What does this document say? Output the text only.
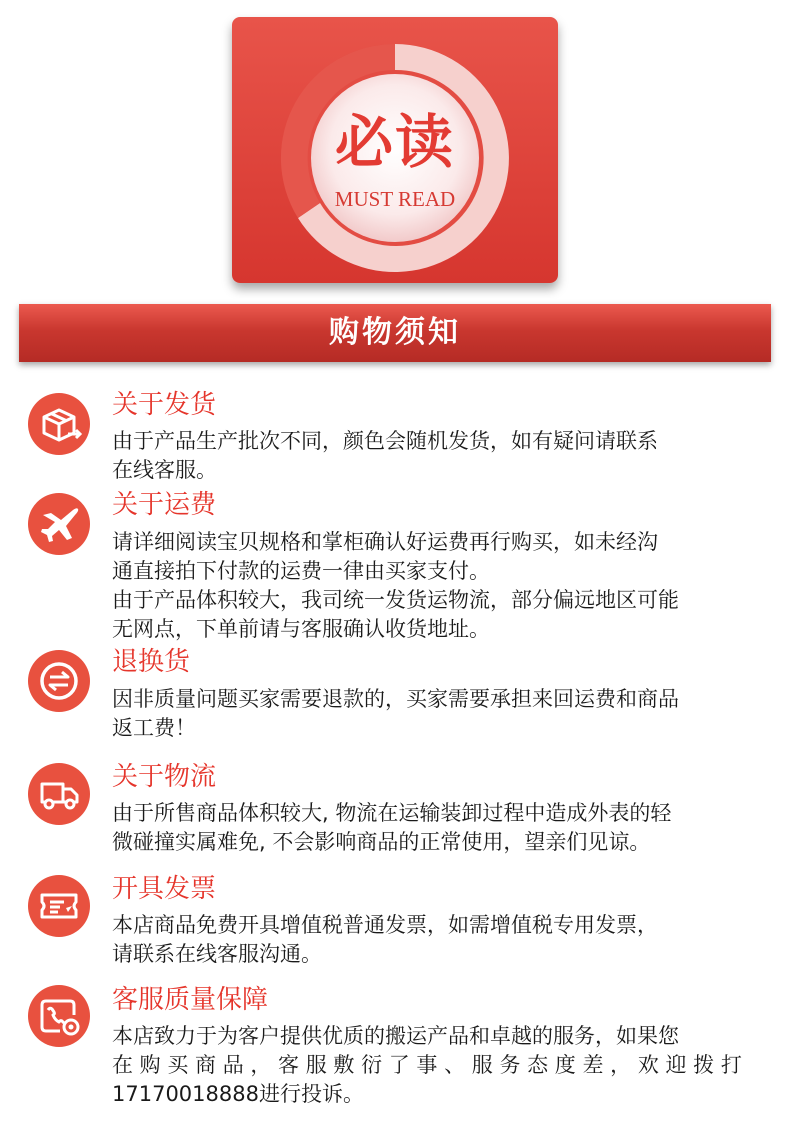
必读
MUST READ
购物须知
关于发货

由于产品生产批次不同，颜色会随机发货，如有疑问请联系

在线客服。

关于运费

请详细阅读宝贝规格和掌柜确认好运费再行购买，如未经沟

通直接拍下付款的运费一律由买家支付。

由于产品体积较大，我司统一发货运物流，部分偏远地区可能

无网点，下单前请与客服确认收货地址。

退换货

因非质量问题买家需要退款的，买家需要承担来回运费和商品

返工费！

关于物流

由于所售商品体积较大, 物流在运输装卸过程中造成外表的轻

微碰撞实属难免, 不会影响商品的正常使用，望亲们见谅。

开具发票

本店商品免费开具增值税普通发票，如需增值税专用发票，

请联系在线客服沟通。

客服质量保障

本店致力于为客户提供优质的搬运产品和卓越的服务，如果您

在 购 买 商 品 ， 客 服 敷 衍 了 事 、 服 务 态 度 差 ， 欢 迎 拨 打

17170018888进行投诉。
